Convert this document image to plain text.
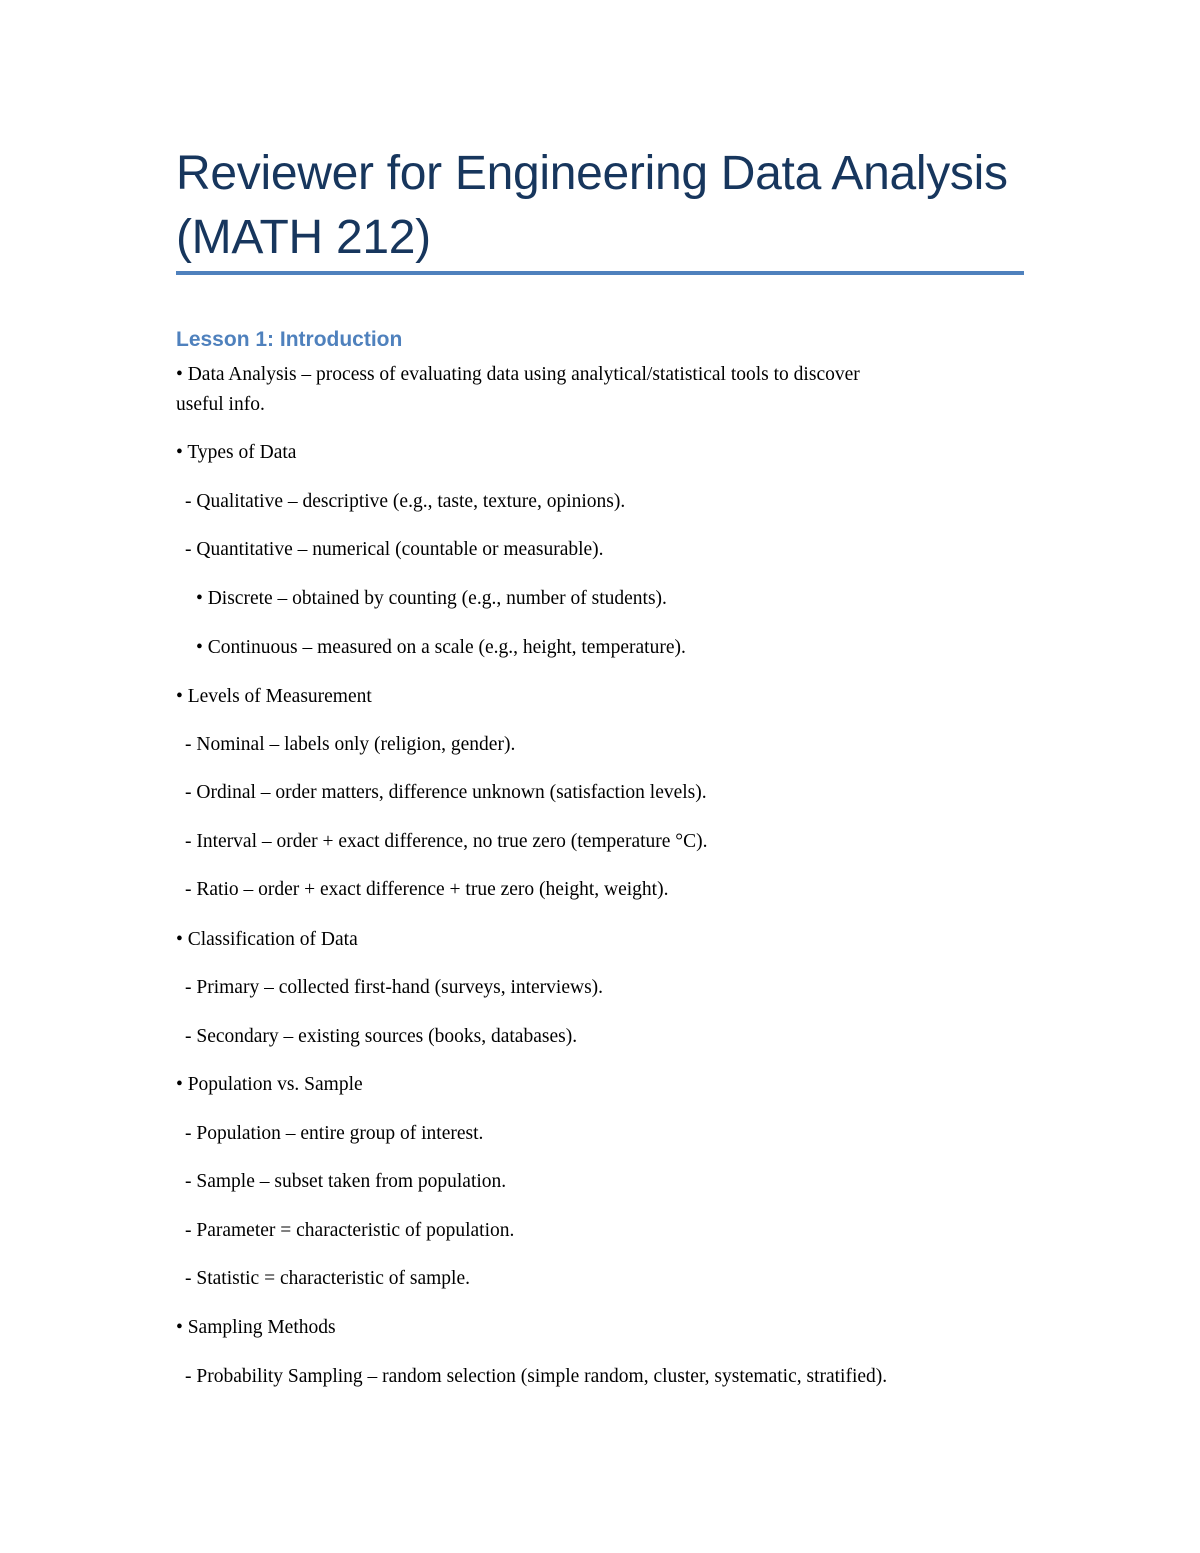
Reviewer for Engineering Data Analysis
(MATH 212)
Lesson 1: Introduction

• Data Analysis – process of evaluating data using analytical/statistical tools to discover

useful info.

• Types of Data

- Qualitative – descriptive (e.g., taste, texture, opinions).

- Quantitative – numerical (countable or measurable).

• Discrete – obtained by counting (e.g., number of students).

• Continuous – measured on a scale (e.g., height, temperature).

• Levels of Measurement

- Nominal – labels only (religion, gender).

- Ordinal – order matters, difference unknown (satisfaction levels).

- Interval – order + exact difference, no true zero (temperature °C).

- Ratio – order + exact difference + true zero (height, weight).

• Classification of Data

- Primary – collected first-hand (surveys, interviews).

- Secondary – existing sources (books, databases).

• Population vs. Sample

- Population – entire group of interest.

- Sample – subset taken from population.

- Parameter = characteristic of population.

- Statistic = characteristic of sample.

• Sampling Methods

- Probability Sampling – random selection (simple random, cluster, systematic, stratified).
